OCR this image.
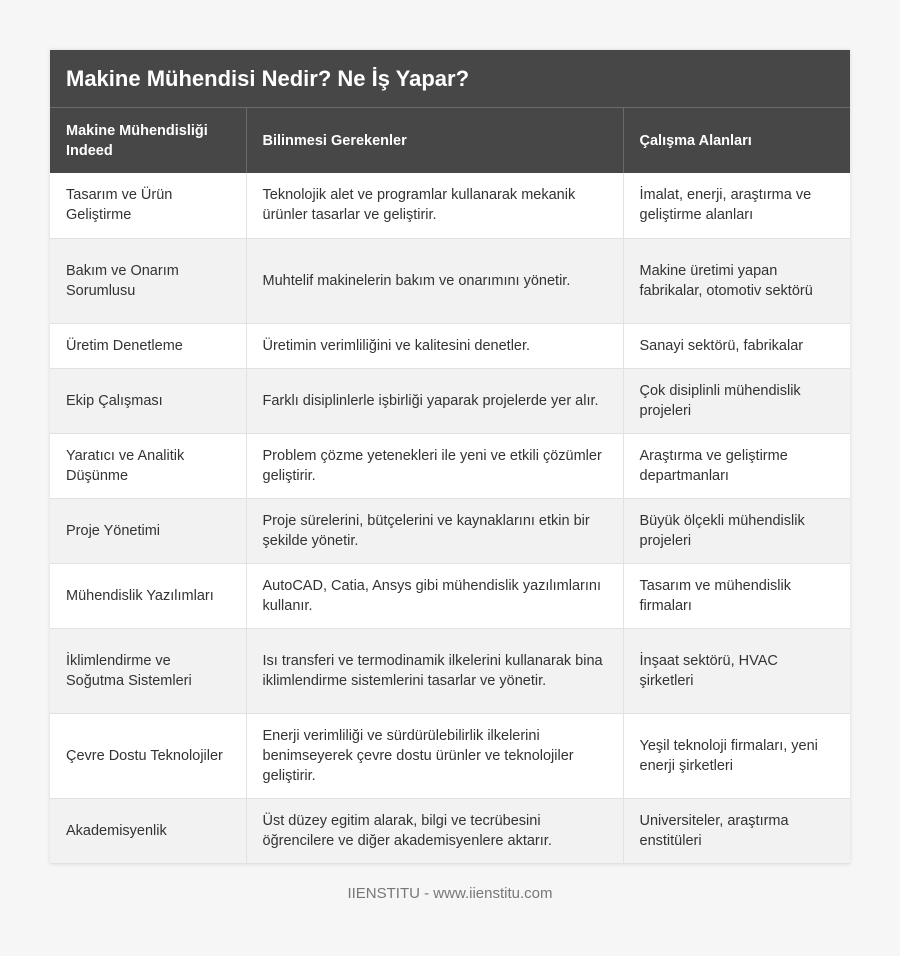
Makine Mühendisi Nedir? Ne İş Yapar?
Makine Mühendisliği Indeed	Bilinmesi Gerekenler	Çalışma Alanları
Tasarım ve Ürün Geliştirme	Teknolojik alet ve programlar kullanarak mekanik ürünler tasarlar ve geliştirir.	İmalat, enerji, araştırma ve geliştirme alanları
Bakım ve Onarım Sorumlusu	Muhtelif makinelerin bakım ve onarımını yönetir.	Makine üretimi yapan fabrikalar, otomotiv sektörü
Üretim Denetleme	Üretimin verimliliğini ve kalitesini denetler.	Sanayi sektörü, fabrikalar
Ekip Çalışması	Farklı disiplinlerle işbirliği yaparak projelerde yer alır.	Çok disiplinli mühendislik projeleri
Yaratıcı ve Analitik Düşünme	Problem çözme yetenekleri ile yeni ve etkili çözümler geliştirir.	Araştırma ve geliştirme departmanları
Proje Yönetimi	Proje sürelerini, bütçelerini ve kaynaklarını etkin bir şekilde yönetir.	Büyük ölçekli mühendislik projeleri
Mühendislik Yazılımları	AutoCAD, Catia, Ansys gibi mühendislik yazılımlarını kullanır.	Tasarım ve mühendislik firmaları
İklimlendirme ve Soğutma Sistemleri	Isı transferi ve termodinamik ilkelerini kullanarak bina iklimlendirme sistemlerini tasarlar ve yönetir.	İnşaat sektörü, HVAC şirketleri
Çevre Dostu Teknolojiler	Enerji verimliliği ve sürdürülebilirlik ilkelerini benimseyerek çevre dostu ürünler ve teknolojiler geliştirir.	Yeşil teknoloji firmaları, yeni enerji şirketleri
Akademisyenlik	Üst düzey egitim alarak, bilgi ve tecrübesini öğrencilere ve diğer akademisyenlere aktarır.	Universiteler, araştırma enstitüleri
IIENSTITU - www.iienstitu.com
